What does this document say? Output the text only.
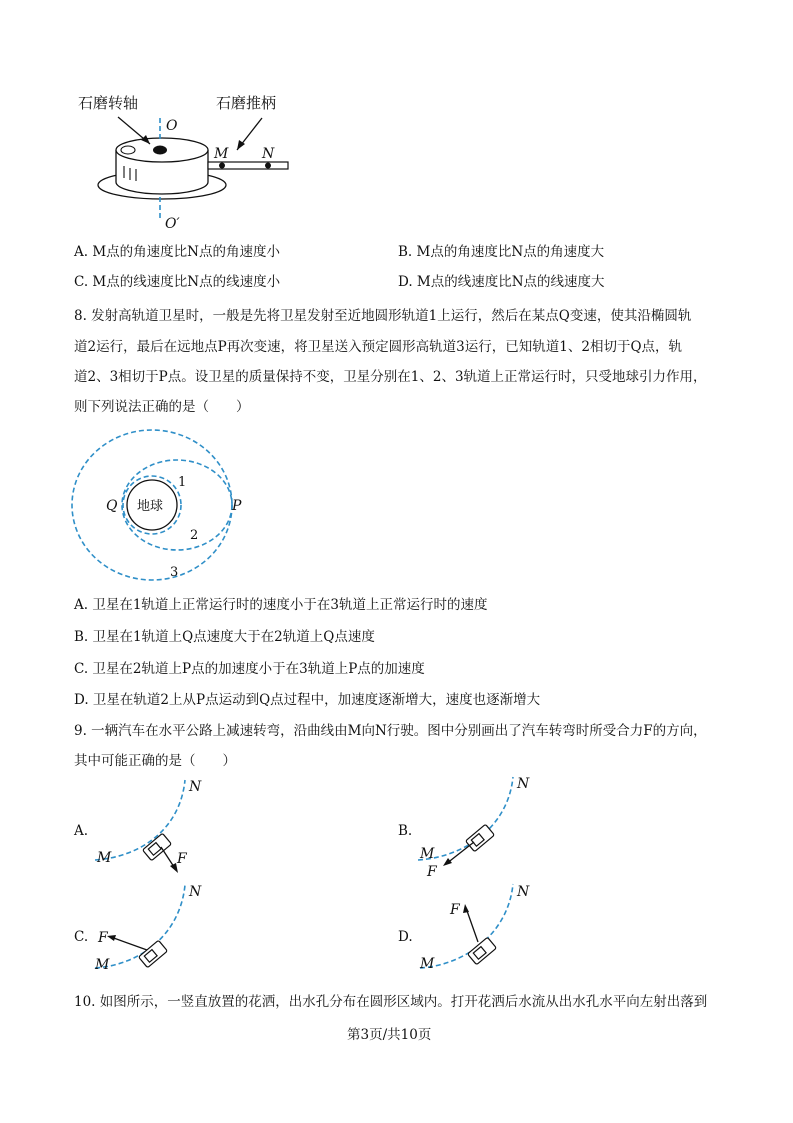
石磨转轴	石磨推柄
O
O′
M N
A. M点的角速度比N点的角速度小	B. M点的角速度比N点的角速度大
C. M点的线速度比N点的线速度小	D. M点的线速度比N点的线速度大
8. 发射高轨道卫星时，一般是先将卫星发射至近地圆形轨道1上运行，然后在某点Q变速，使其沿椭圆轨
道2运行，最后在远地点P再次变速，将卫星送入预定圆形高轨道3运行，已知轨道1、2相切于Q点，轨
道2、3相切于P点。设卫星的质量保持不变，卫星分别在1、2、3轨道上正常运行时，只受地球引力作用，
则下列说法正确的是（　　）
地球
Q	P
1
2
3
A. 卫星在1轨道上正常运行时的速度小于在3轨道上正常运行时的速度
B. 卫星在1轨道上Q点速度大于在2轨道上Q点速度
C. 卫星在2轨道上P点的加速度小于在3轨道上P点的加速度
D. 卫星在轨道2上从P点运动到Q点过程中，加速度逐渐增大，速度也逐渐增大
9. 一辆汽车在水平公路上减速转弯，沿曲线由M向N行驶。图中分别画出了汽车转弯时所受合力F的方向，
其中可能正确的是（　　）
A.
N
M	F
B.
N
M
F
C.
N
M
F	D.
N
M
F
10. 如图所示，一竖直放置的花洒，出水孔分布在圆形区域内。打开花洒后水流从出水孔水平向左射出落到
第3页/共10页
